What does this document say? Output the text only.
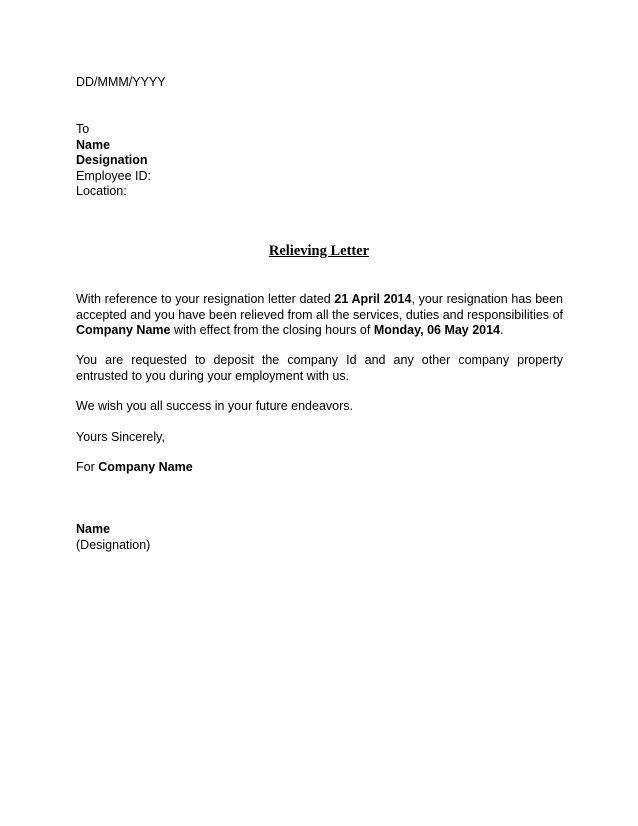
DD/MMM/YYYY
To
Name
Designation
Employee ID:
Location:
Relieving Letter
With reference to your resignation letter dated 21 April 2014, your resignation has been accepted and you have been relieved from all the services, duties and responsibilities of Company Name with effect from the closing hours of Monday, 06 May 2014.
You are requested to deposit the company Id and any other company property entrusted to you during your employment with us.
We wish you all success in your future endeavors.
Yours Sincerely,
For Company Name
Name
(Designation)
